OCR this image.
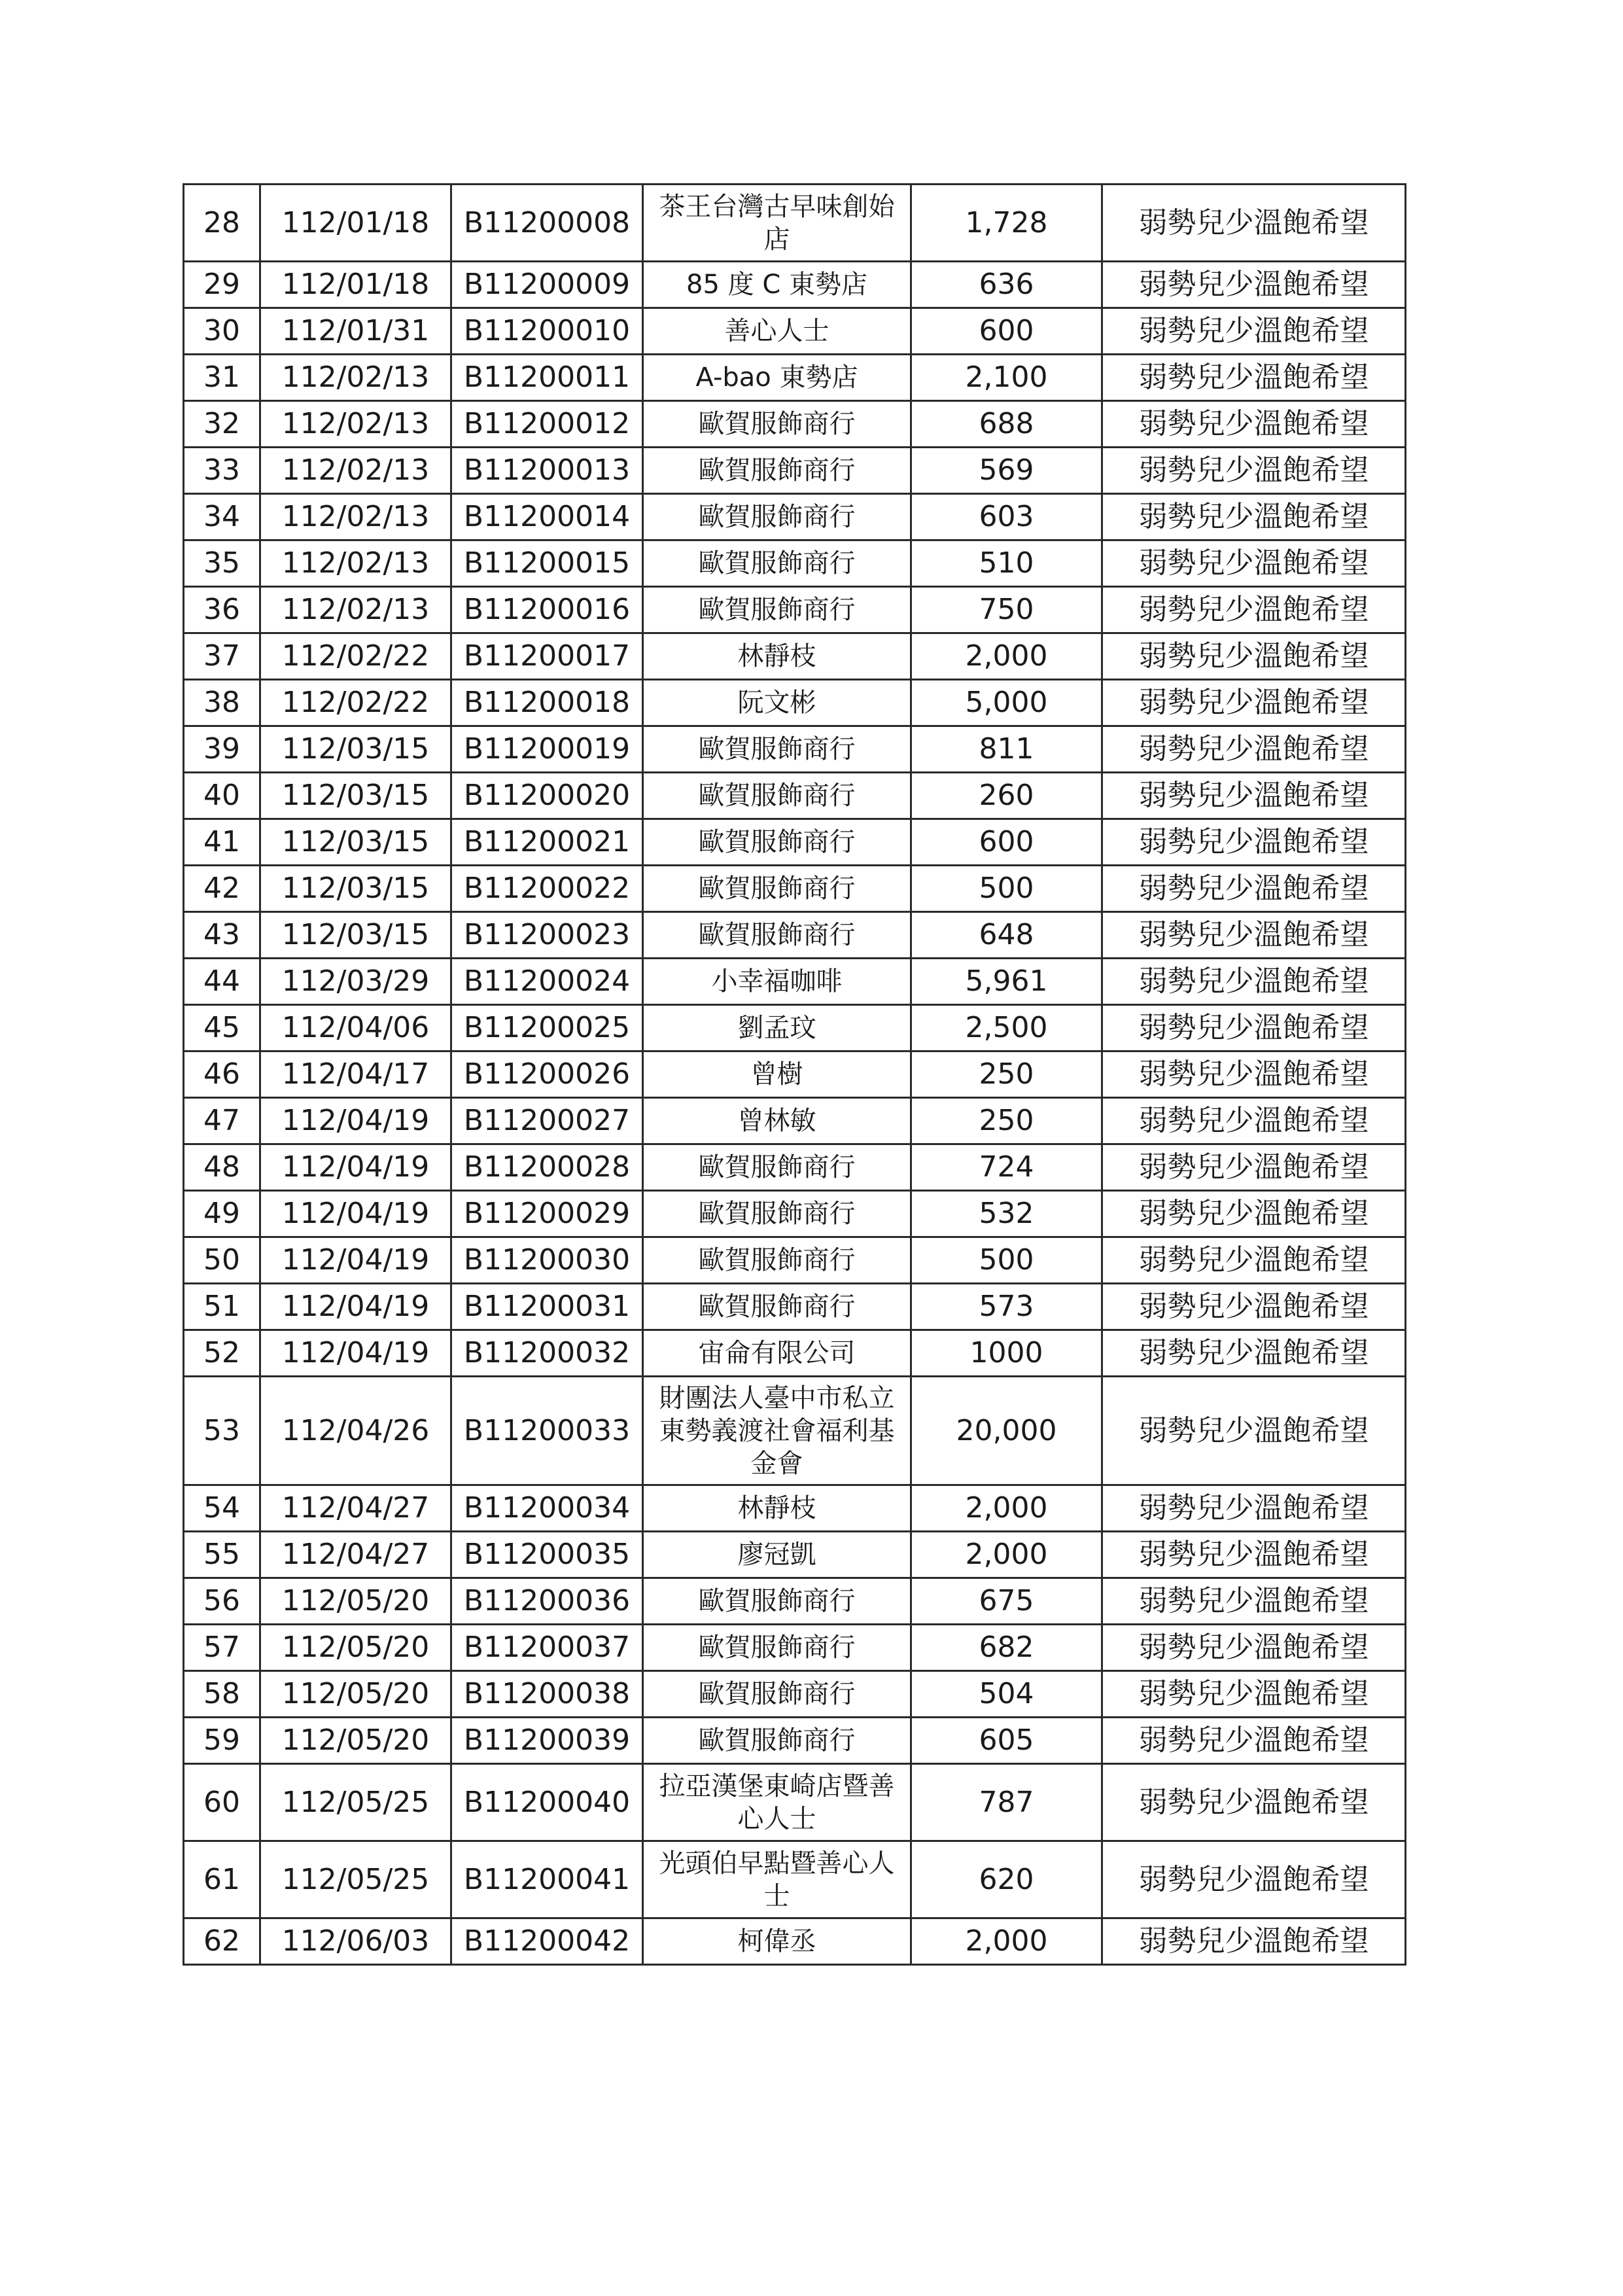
28	112/01/18	B11200008	茶王台灣古早味創始店	1,728	弱勢兒少溫飽希望
29	112/01/18	B11200009	85 度 C 東勢店	636	弱勢兒少溫飽希望
30	112/01/31	B11200010	善心人士	600	弱勢兒少溫飽希望
31	112/02/13	B11200011	A-bao 東勢店	2,100	弱勢兒少溫飽希望
32	112/02/13	B11200012	歐賀服飾商行	688	弱勢兒少溫飽希望
33	112/02/13	B11200013	歐賀服飾商行	569	弱勢兒少溫飽希望
34	112/02/13	B11200014	歐賀服飾商行	603	弱勢兒少溫飽希望
35	112/02/13	B11200015	歐賀服飾商行	510	弱勢兒少溫飽希望
36	112/02/13	B11200016	歐賀服飾商行	750	弱勢兒少溫飽希望
37	112/02/22	B11200017	林靜枝	2,000	弱勢兒少溫飽希望
38	112/02/22	B11200018	阮文彬	5,000	弱勢兒少溫飽希望
39	112/03/15	B11200019	歐賀服飾商行	811	弱勢兒少溫飽希望
40	112/03/15	B11200020	歐賀服飾商行	260	弱勢兒少溫飽希望
41	112/03/15	B11200021	歐賀服飾商行	600	弱勢兒少溫飽希望
42	112/03/15	B11200022	歐賀服飾商行	500	弱勢兒少溫飽希望
43	112/03/15	B11200023	歐賀服飾商行	648	弱勢兒少溫飽希望
44	112/03/29	B11200024	小幸福咖啡	5,961	弱勢兒少溫飽希望
45	112/04/06	B11200025	劉孟玟	2,500	弱勢兒少溫飽希望
46	112/04/17	B11200026	曾樹	250	弱勢兒少溫飽希望
47	112/04/19	B11200027	曾林敏	250	弱勢兒少溫飽希望
48	112/04/19	B11200028	歐賀服飾商行	724	弱勢兒少溫飽希望
49	112/04/19	B11200029	歐賀服飾商行	532	弱勢兒少溫飽希望
50	112/04/19	B11200030	歐賀服飾商行	500	弱勢兒少溫飽希望
51	112/04/19	B11200031	歐賀服飾商行	573	弱勢兒少溫飽希望
52	112/04/19	B11200032	宙侖有限公司	1000	弱勢兒少溫飽希望
53	112/04/26	B11200033	財團法人臺中市私立東勢義渡社會福利基金會	20,000	弱勢兒少溫飽希望
54	112/04/27	B11200034	林靜枝	2,000	弱勢兒少溫飽希望
55	112/04/27	B11200035	廖冠凱	2,000	弱勢兒少溫飽希望
56	112/05/20	B11200036	歐賀服飾商行	675	弱勢兒少溫飽希望
57	112/05/20	B11200037	歐賀服飾商行	682	弱勢兒少溫飽希望
58	112/05/20	B11200038	歐賀服飾商行	504	弱勢兒少溫飽希望
59	112/05/20	B11200039	歐賀服飾商行	605	弱勢兒少溫飽希望
60	112/05/25	B11200040	拉亞漢堡東崎店暨善心人士	787	弱勢兒少溫飽希望
61	112/05/25	B11200041	光頭伯早點暨善心人士	620	弱勢兒少溫飽希望
62	112/06/03	B11200042	柯偉丞	2,000	弱勢兒少溫飽希望
